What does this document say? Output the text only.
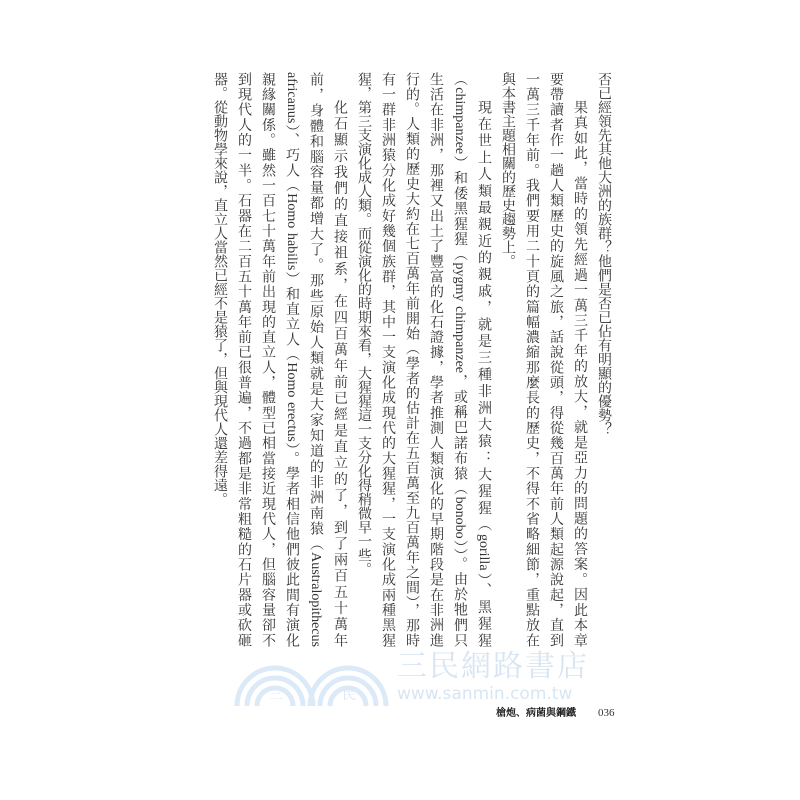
否已經領先其他大洲的族群？他們是否已佔有明顯的優勢？
果真如此，當時的領先經過一萬三千年的放大，就是亞力的問題的答案。因此本章
要帶讀者作一趟人類歷史的旋風之旅，話說從頭，得從幾百萬年前人類起源說起，直到
一萬三千年前。我們要用二十頁的篇幅濃縮那麼長的歷史，不得不省略細節，重點放在
與本書主題相關的歷史趨勢上。
現在世上人類最親近的親戚，就是三種非洲大猿：大猩猩（gorilla）、黑猩猩
（chimpanzee）和倭黑猩猩（pygmy chimpanzee，或稱巴諾布猿（bonobo））。由於牠們只
生活在非洲，那裡又出土了豐富的化石證據，學者推測人類演化的早期階段是在非洲進
行的。人類的歷史大約在七百萬年前開始（學者的估計在五百萬至九百萬年之間），那時
有一群非洲猿分化成好幾個族群，其中一支演化成現代的大猩猩，一支演化成兩種黑猩
猩，第三支演化成人類。而從演化的時期來看，大猩猩這一支分化得稍微早一些。
化石顯示我們的直接祖系，在四百萬年前已經是直立的了，到了兩百五十萬年
前，身體和腦容量都增大了。那些原始人類就是大家知道的非洲南猿（Australopithecus
africanus）、巧人（Homo habilis）和直立人（Homo erectus）。學者相信他們彼此間有演化
親緣關係。雖然一百七十萬年前出現的直立人，體型已相當接近現代人，但腦容量卻不
到現代人的一半。石器在二百五十萬年前已很普遍，不過都是非常粗糙的石片器或砍砸
器。從動物學來說，直立人當然已經不是猿了，但與現代人還差得遠。
三	民
三民網路書店
www.sanmin.com.tw
槍炮、病菌與鋼鐵 036
